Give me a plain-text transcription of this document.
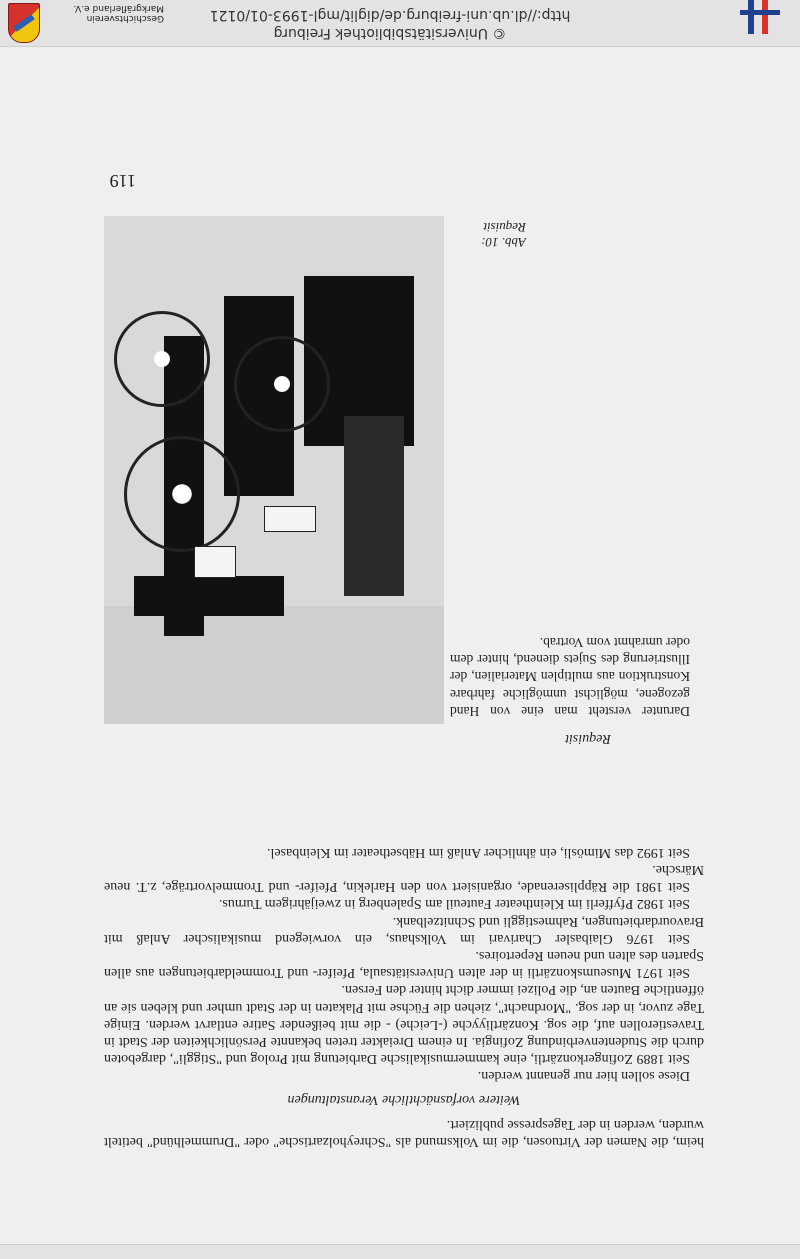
Geschichtsverein Markgräflerland e.V.
© Universitätsbibliothek Freiburg
http://dl.ub.uni-freiburg.de/diglit/mgl-1993-01/0121
119
Abb. 10: Requisit
Requisit
Darunter versteht man eine von Hand gezogene, möglichst unmögliche fahrbare Konstruktion aus multiplen Materialien, der Illustrierung des Sujets dienend, hinter dem oder umrahmt vom Vortrab.

heim, die Namen der Virtuosen, die im Volksmund als "Schreyholzartische" oder "Drummelhünd" betitelt wurden, werden in der Tagespresse publiziert.

Weitere vorfasnächtliche Veranstaltungen

Diese sollen hier nur genannt werden.

Seit 1889 Zofingerkonzärtli, eine kammermusikalische Darbietung mit Prolog und "Stiggli", dargeboten durch die Studentenverbindung Zofingia. In einem Dreiakter treten bekannte Persönlichkeiten der Stadt in Travestierollen auf, die sog. Konzärtliyyche (-Leiche) - die mit beißender Satire entlarvt werden. Einige Tage zuvor, in der sog. "Mordnacht", ziehen die Füchse mit Plakaten in der Stadt umher und kleben sie an öffentliche Bauten an, die Polizei immer dicht hinter den Fersen.

Seit 1971 Museumskonzärtli in der alten Universitätsaula, Pfeifer- und Trommeldarbietungen aus allen Sparten des alten und neuen Repertoires.

Seit 1976 Glaibasler Charivari im Volkshaus, ein vorwiegend musikalischer Anlaß mit Bravourdarbietungen, Rahmestiggli und Schnitzelbank.

Seit 1982 Pfyfferli im Kleintheater Fauteuil am Spalenberg in zweijährigem Turnus.

Seit 1981 die Räppliserenade, organisiert von den Harlekin, Pfeifer- und Trommelvorträge, z.T. neue Märsche.

Seit 1992 das Mimösli, ein ähnlicher Anlaß im Häbsetheater im Kleinbasel.
